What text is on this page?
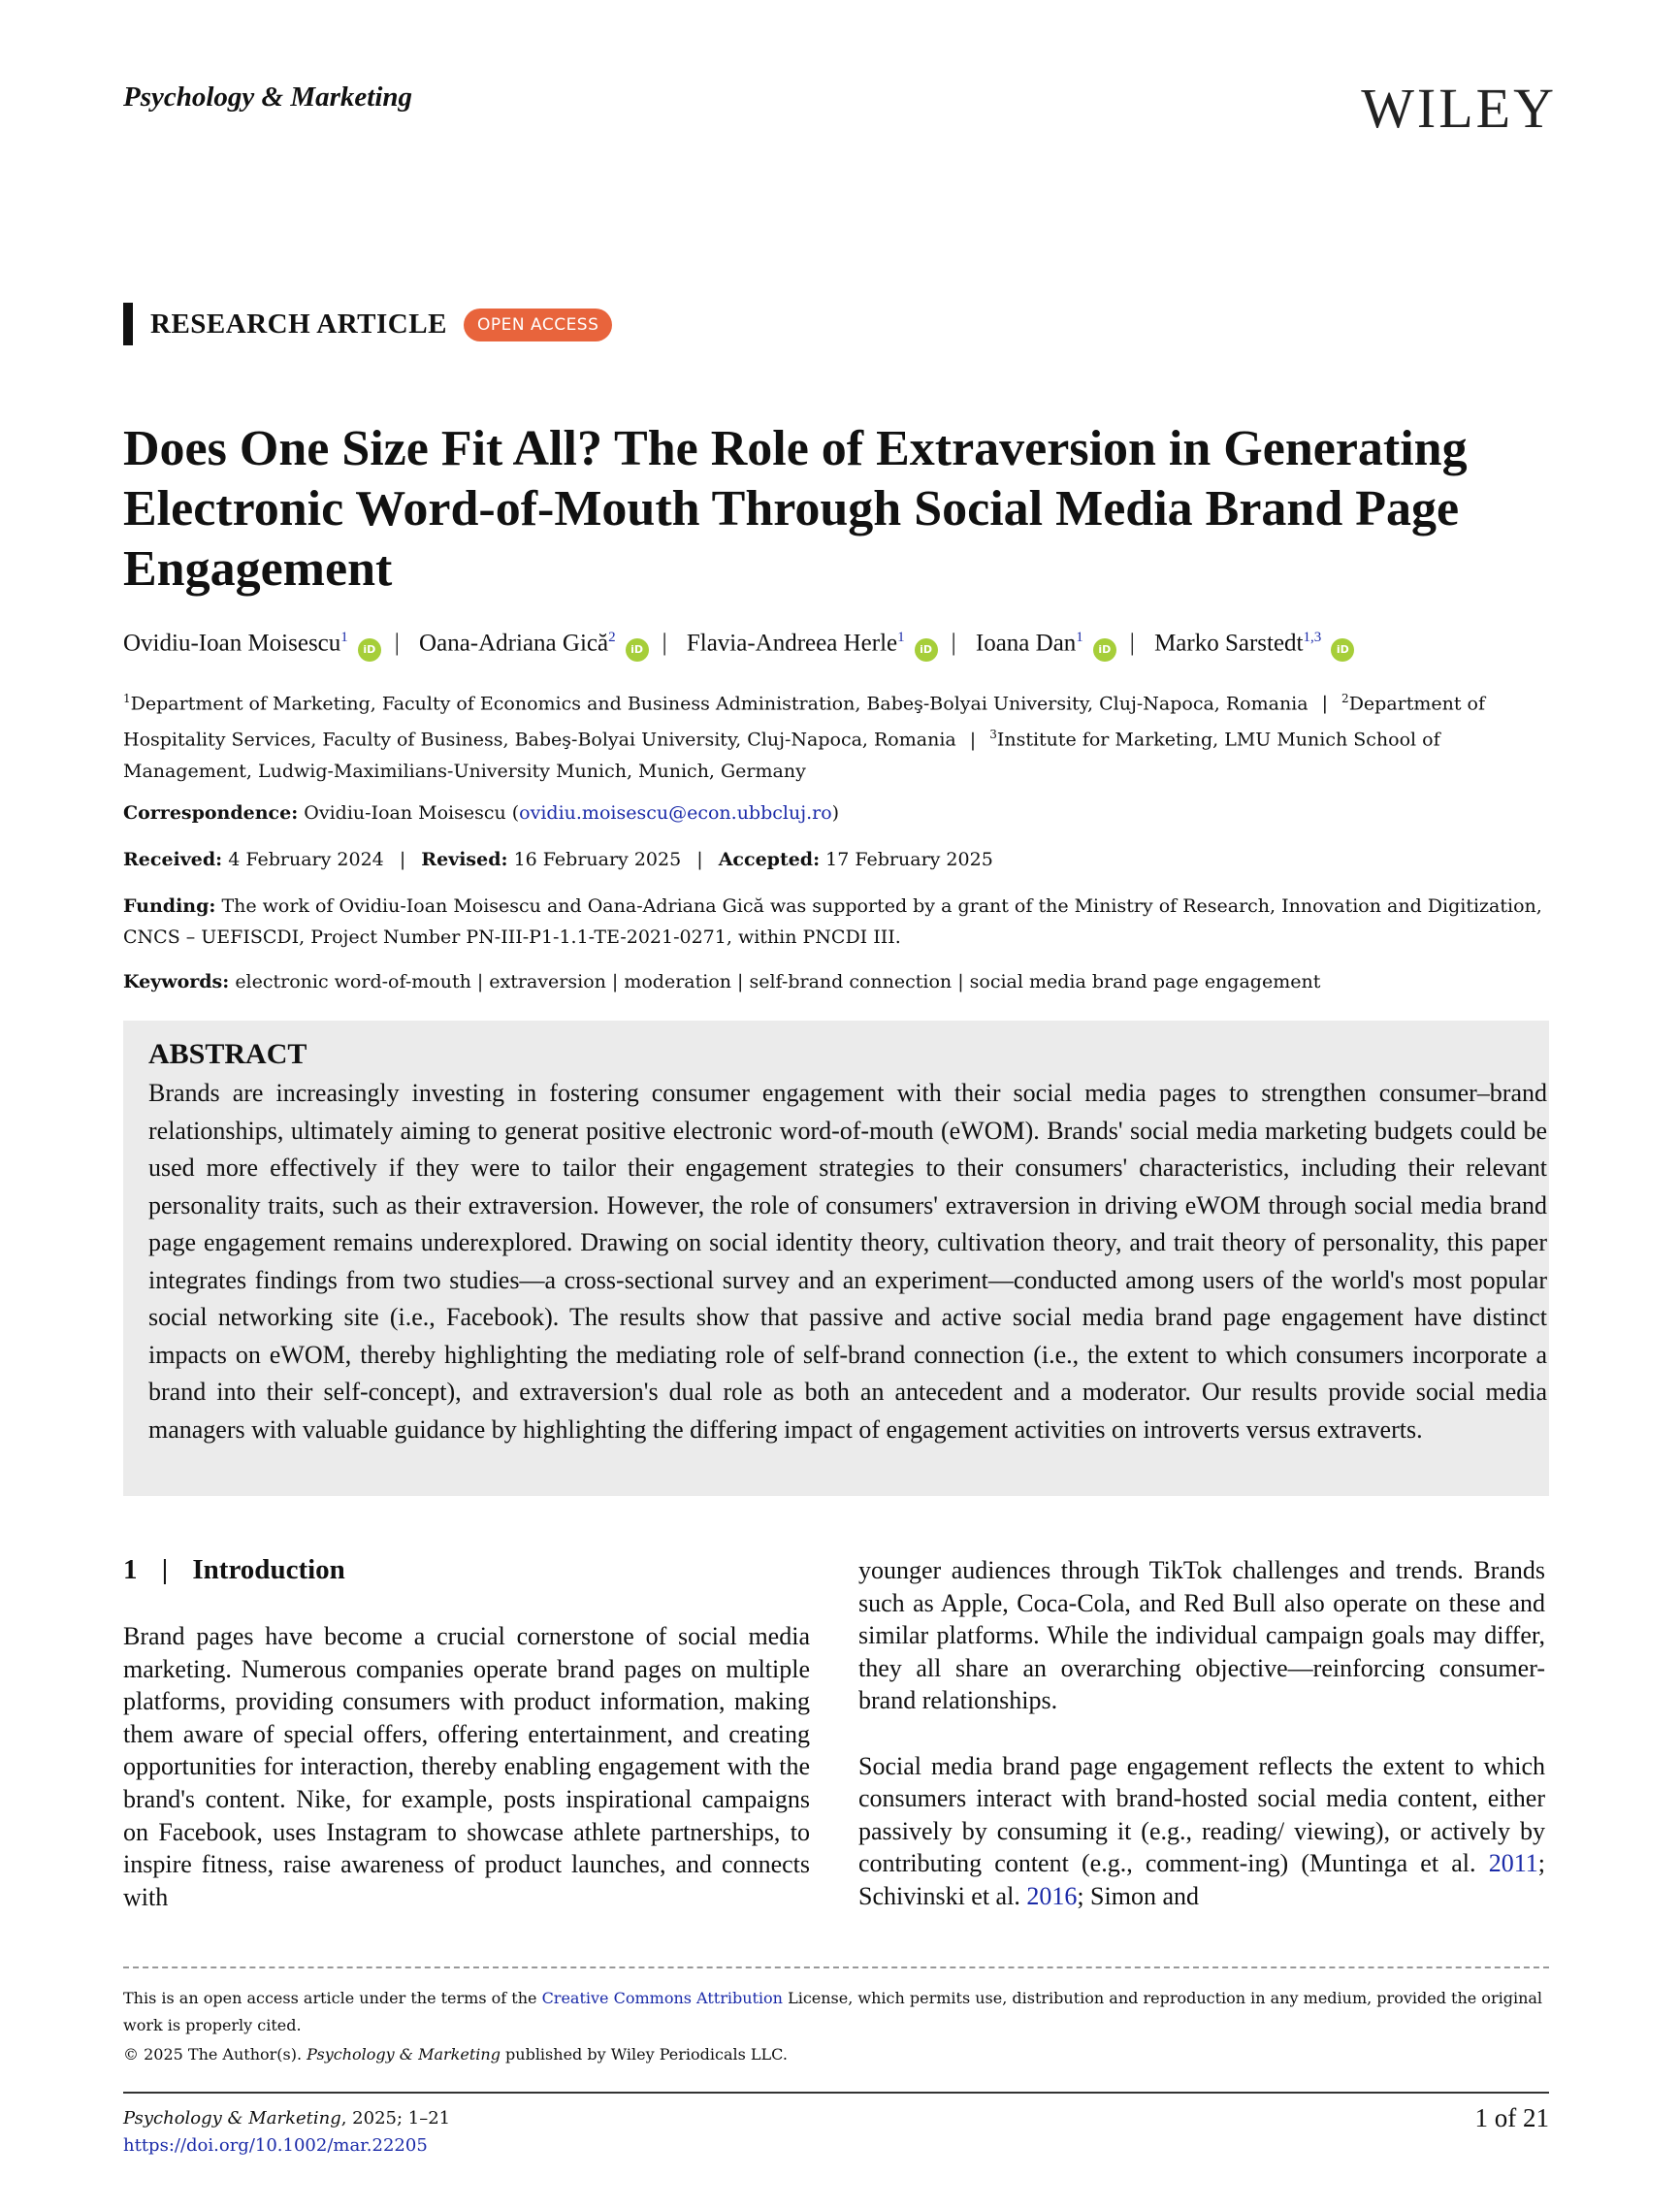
Psychology & Marketing	WILEY
RESEARCH ARTICLE	OPEN ACCESS
Does One Size Fit All? The Role of Extraversion in Generating Electronic Word-of-Mouth Through Social Media Brand Page Engagement
Ovidiu-Ioan Moisescu$^1$iD | Oana-Adriana Gică$^2$iD | Flavia-Andreea Herle$^1$iD | Ioana Dan$^1$iD | Marko Sarstedt$^{1,3}$iD
$^1$Department of Marketing, Faculty of Economics and Business Administration, Babeş-Bolyai University, Cluj-Napoca, Romania | $^2$Department of Hospitality Services, Faculty of Business, Babeş-Bolyai University, Cluj-Napoca, Romania | $^3$Institute for Marketing, LMU Munich School of Management, Ludwig-Maximilians-University Munich, Munich, Germany
Correspondence: Ovidiu-Ioan Moisescu (ovidiu.moisescu@econ.ubbcluj.ro)
Received: 4 February 2024 | Revised: 16 February 2025 | Accepted: 17 February 2025
Funding: The work of Ovidiu-Ioan Moisescu and Oana-Adriana Gică was supported by a grant of the Ministry of Research, Innovation and Digitization, CNCS – UEFISCDI, Project Number PN-III-P1-1.1-TE-2021-0271, within PNCDI III.
Keywords: electronic word-of-mouth | extraversion | moderation | self-brand connection | social media brand page engagement
ABSTRACT
Brands are increasingly investing in fostering consumer engagement with their social media pages to strengthen consumer–brand relationships, ultimately aiming to generat positive electronic word-of-mouth (eWOM). Brands' social media marketing budgets could be used more effectively if they were to tailor their engagement strategies to their consumers' characteristics, including their relevant personality traits, such as their extraversion. However, the role of consumers' extraversion in driving eWOM through social media brand page engagement remains underexplored. Drawing on social identity theory, cultivation theory, and trait theory of personality, this paper integrates findings from two studies—a cross-sectional survey and an experiment—conducted among users of the world's most popular social networking site (i.e., Facebook). The results show that passive and active social media brand page engagement have distinct impacts on eWOM, thereby highlighting the mediating role of self-brand connection (i.e., the extent to which consumers incorporate a brand into their self-concept), and extraversion's dual role as both an antecedent and a moderator. Our results provide social media managers with valuable guidance by highlighting the differing impact of engagement activities on introverts versus extraverts.
1 | Introduction

Brand pages have become a crucial cornerstone of social media marketing. Numerous companies operate brand pages on multiple platforms, providing consumers with product information, making them aware of special offers, offering entertainment, and creating opportunities for interaction, thereby enabling engagement with the brand's content. Nike, for example, posts inspirational campaigns on Facebook, uses Instagram to showcase athlete partnerships, to inspire fitness, raise awareness of product launches, and connects with

younger audiences through TikTok challenges and trends. Brands such as Apple, Coca-Cola, and Red Bull also operate on these and similar platforms. While the individual campaign goals may differ, they all share an overarching objective—reinforcing consumer-brand relationships.

Social media brand page engagement reflects the extent to which consumers interact with brand-hosted social media content, either passively by consuming it (e.g., reading/ viewing), or actively by contributing content (e.g., comment-ing) (Muntinga et al. 2011; Schivinski et al. 2016; Simon and

This is an open access article under the terms of the Creative Commons Attribution License, which permits use, distribution and reproduction in any medium, provided the original work is properly cited.
© 2025 The Author(s). Psychology & Marketing published by Wiley Periodicals LLC.
Psychology & Marketing, 2025; 1–21
https://doi.org/10.1002/mar.22205
1 of 21
